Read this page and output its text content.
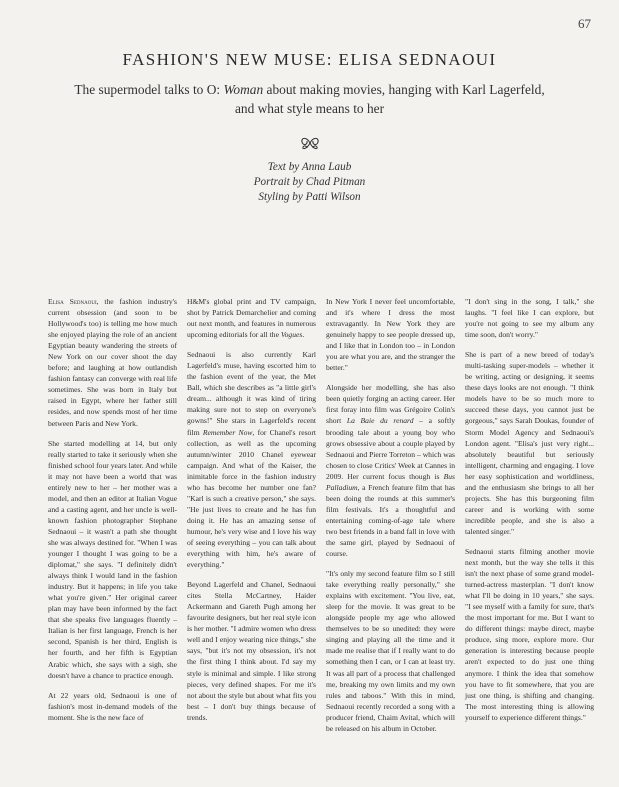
67
FASHION'S NEW MUSE: ELISA SEDNAOUI

The supermodel talks to O: Woman about making movies, hanging with Karl Lagerfeld, and what style means to her

Text by Anna Laub
Portrait by Chad Pitman
Styling by Patti Wilson

Elisa Sednaoui, the fashion industry's current obsession (and soon to be Hollywood's too) is telling me how much she enjoyed playing the role of an ancient Egyptian beauty wandering the streets of New York on our cover shoot the day before; and laughing at how outlandish fashion fantasy can converge with real life sometimes. She was born in Italy but raised in Egypt, where her father still resides, and now spends most of her time between Paris and New York.

She started modelling at 14, but only really started to take it seriously when she finished school four years later. And while it may not have been a world that was entirely new to her – her mother was a model, and then an editor at Italian Vogue and a casting agent, and her uncle is well-known fashion photographer Stephane Sednaoui – it wasn't a path she thought she was always destined for. "When I was younger I thought I was going to be a diplomat," she says. "I definitely didn't always think I would land in the fashion industry. But it happens; in life you take what you're given." Her original career plan may have been informed by the fact that she speaks five languages fluently – Italian is her first language, French is her second, Spanish is her third, English is her fourth, and her fifth is Egyptian Arabic which, she says with a sigh, she doesn't have a chance to practice enough.

At 22 years old, Sednaoui is one of fashion's most in-demand models of the moment. She is the new face of

H&M's global print and TV campaign, shot by Patrick Demarchelier and coming out next month, and features in numerous upcoming editorials for all the Vogues.

Sednaoui is also currently Karl Lagerfeld's muse, having escorted him to the fashion event of the year, the Met Ball, which she describes as "a little girl's dream... although it was kind of tiring making sure not to step on everyone's gowns!" She stars in Lagerfeld's recent film Remember Now, for Chanel's resort collection, as well as the upcoming autumn/winter 2010 Chanel eyewear campaign. And what of the Kaiser, the inimitable force in the fashion industry who has become her number one fan? "Karl is such a creative person," she says. "He just lives to create and he has fun doing it. He has an amazing sense of humour, he's very wise and I love his way of seeing everything – you can talk about everything with him, he's aware of everything."

Beyond Lagerfeld and Chanel, Sednaoui cites Stella McCartney, Haider Ackermann and Gareth Pugh among her favourite designers, but her real style icon is her mother. "I admire women who dress well and I enjoy wearing nice things," she says, "but it's not my obsession, it's not the first thing I think about. I'd say my style is minimal and simple. I like strong pieces, very defined shapes. For me it's not about the style but about what fits you best – I don't buy things because of trends.

In New York I never feel uncomfortable, and it's where I dress the most extravagantly. In New York they are genuinely happy to see people dressed up, and I like that in London too – in London you are what you are, and the stranger the better."

Alongside her modelling, she has also been quietly forging an acting career. Her first foray into film was Grégoire Colin's short La Baie du renard – a softly brooding tale about a young boy who grows obsessive about a couple played by Sednaoui and Pierre Torreton – which was chosen to close Critics' Week at Cannes in 2009. Her current focus though is Bus Palladium, a French feature film that has been doing the rounds at this summer's film festivals. It's a thoughtful and entertaining coming-of-age tale where two best friends in a band fall in love with the same girl, played by Sednaoui of course.

"It's only my second feature film so I still take everything really personally," she explains with excitement. "You live, eat, sleep for the movie. It was great to be alongside people my age who allowed themselves to be so unedited: they were singing and playing all the time and it made me realise that if I really want to do something then I can, or I can at least try. It was all part of a process that challenged me, breaking my own limits and my own rules and taboos." With this in mind, Sednaoui recently recorded a song with a producer friend, Chaim Avital, which will be released on his album in October.

"I don't sing in the song, I talk," she laughs. "I feel like I can explore, but you're not going to see my album any time soon, don't worry."

She is part of a new breed of today's multi-tasking super-models – whether it be writing, acting or designing, it seems these days looks are not enough. "I think models have to be so much more to succeed these days, you cannot just be gorgeous," says Sarah Doukas, founder of Storm Model Agency and Sednaoui's London agent. "Elisa's just very right... absolutely beautiful but seriously intelligent, charming and engaging. I love her easy sophistication and worldliness, and the enthusiasm she brings to all her projects. She has this burgeoning film career and is working with some incredible people, and she is also a talented singer."

Sednaoui starts filming another movie next month, but the way she tells it this isn't the next phase of some grand model-turned-actress masterplan. "I don't know what I'll be doing in 10 years," she says. "I see myself with a family for sure, that's the most important for me. But I want to do different things: maybe direct, maybe produce, sing more, explore more. Our generation is interesting because people aren't expected to do just one thing anymore. I think the idea that somehow you have to fit somewhere, that you are just one thing, is shifting and changing. The most interesting thing is allowing yourself to experience different things."
